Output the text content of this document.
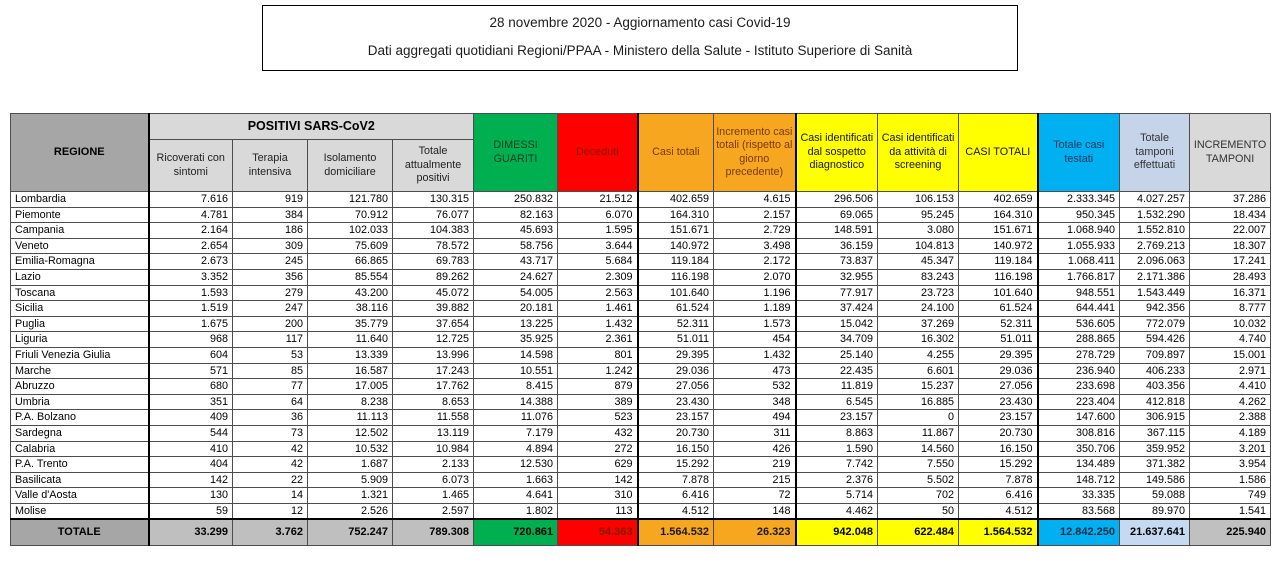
28 novembre 2020 - Aggiornamento casi Covid-19
Dati aggregati quotidiani Regioni/PPAA - Ministero della Salute - Istituto Superiore di Sanità
REGIONE	POSITIVI SARS-CoV2				DIMESSI GUARITI	Deceduti	Casi totali	Incremento casi totali (rispetto al giorno precedente)	Casi identificati dal sospetto diagnostico	Casi identificati da attività di screening	CASI TOTALI	Totale casi testati	Totale tamponi effettuati	INCREMENTO TAMPONI
	Ricoverati con sintomi	Terapia intensiva	Isolamento domiciliare	Totale attualmente positivi										
Lombardia	7.616	919	121.780	130.315	250.832	21.512	402.659	4.615	296.506	106.153	402.659	2.333.345	4.027.257	37.286
Piemonte	4.781	384	70.912	76.077	82.163	6.070	164.310	2.157	69.065	95.245	164.310	950.345	1.532.290	18.434
Campania	2.164	186	102.033	104.383	45.693	1.595	151.671	2.729	148.591	3.080	151.671	1.068.940	1.552.810	22.007
Veneto	2.654	309	75.609	78.572	58.756	3.644	140.972	3.498	36.159	104.813	140.972	1.055.933	2.769.213	18.307
Emilia-Romagna	2.673	245	66.865	69.783	43.717	5.684	119.184	2.172	73.837	45.347	119.184	1.068.411	2.096.063	17.241
Lazio	3.352	356	85.554	89.262	24.627	2.309	116.198	2.070	32.955	83.243	116.198	1.766.817	2.171.386	28.493
Toscana	1.593	279	43.200	45.072	54.005	2.563	101.640	1.196	77.917	23.723	101.640	948.551	1.543.449	16.371
Sicilia	1.519	247	38.116	39.882	20.181	1.461	61.524	1.189	37.424	24.100	61.524	644.441	942.356	8.777
Puglia	1.675	200	35.779	37.654	13.225	1.432	52.311	1.573	15.042	37.269	52.311	536.605	772.079	10.032
Liguria	968	117	11.640	12.725	35.925	2.361	51.011	454	34.709	16.302	51.011	288.865	594.426	4.740
Friuli Venezia Giulia	604	53	13.339	13.996	14.598	801	29.395	1.432	25.140	4.255	29.395	278.729	709.897	15.001
Marche	571	85	16.587	17.243	10.551	1.242	29.036	473	22.435	6.601	29.036	236.940	406.233	2.971
Abruzzo	680	77	17.005	17.762	8.415	879	27.056	532	11.819	15.237	27.056	233.698	403.356	4.410
Umbria	351	64	8.238	8.653	14.388	389	23.430	348	6.545	16.885	23.430	223.404	412.818	4.262
P.A. Bolzano	409	36	11.113	11.558	11.076	523	23.157	494	23.157	0	23.157	147.600	306.915	2.388
Sardegna	544	73	12.502	13.119	7.179	432	20.730	311	8.863	11.867	20.730	308.816	367.115	4.189
Calabria	410	42	10.532	10.984	4.894	272	16.150	426	1.590	14.560	16.150	350.706	359.952	3.201
P.A. Trento	404	42	1.687	2.133	12.530	629	15.292	219	7.742	7.550	15.292	134.489	371.382	3.954
Basilicata	142	22	5.909	6.073	1.663	142	7.878	215	2.376	5.502	7.878	148.712	149.586	1.586
Valle d'Aosta	130	14	1.321	1.465	4.641	310	6.416	72	5.714	702	6.416	33.335	59.088	749
Molise	59	12	2.526	2.597	1.802	113	4.512	148	4.462	50	4.512	83.568	89.970	1.541
TOTALE	33.299	3.762	752.247	789.308	720.861	54.363	1.564.532	26.323	942.048	622.484	1.564.532	12.842.250	21.637.641	225.940
